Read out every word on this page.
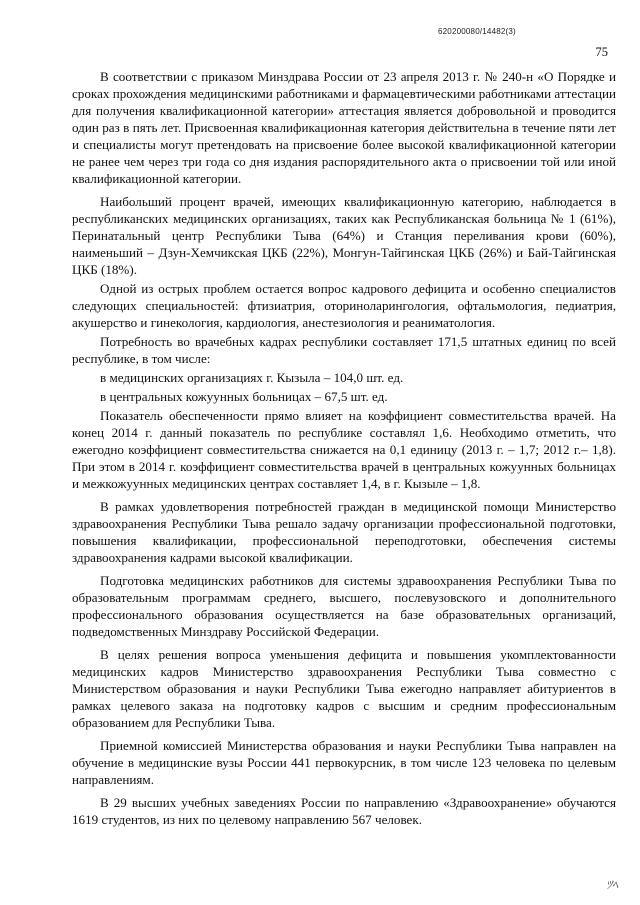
620200080/14482(3)
75

В соответствии с приказом Минздрава России от 23 апреля 2013 г. № 240-н «О Порядке и сроках прохождения медицинскими работниками и фармацевтическими работниками аттестации для получения квалификационной категории» аттестация является добровольной и проводится один раз в пять лет. Присвоенная квалификационная категория действительна в течение пяти лет и специалисты могут претендовать на присвоение более высокой квалификационной категории не ранее чем через три года со дня издания распорядительного акта о присвоении той или иной квалификационной категории.

Наибольший процент врачей, имеющих квалификационную категорию, наблюдается в республиканских медицинских организациях, таких как Республиканская больница № 1 (61%), Перинатальный центр Республики Тыва (64%) и Станция переливания крови (60%), наименьший – Дзун-Хемчикская ЦКБ (22%), Монгун-Тайгинская ЦКБ (26%) и Бай-Тайгинская ЦКБ (18%).

Одной из острых проблем остается вопрос кадрового дефицита и особенно специалистов следующих специальностей: фтизиатрия, оториноларингология, офтальмология, педиатрия, акушерство и гинекология, кардиология, анестезиология и реаниматология.

Потребность во врачебных кадрах республики составляет 171,5 штатных единиц по всей республике, в том числе:

в медицинских организациях г. Кызыла – 104,0 шт. ед.

в центральных кожуунных больницах – 67,5 шт. ед.

Показатель обеспеченности прямо влияет на коэффициент совместительства врачей. На конец 2014 г. данный показатель по республике составлял 1,6. Необходимо отметить, что ежегодно коэффициент совместительства снижается на 0,1 единицу (2013 г. – 1,7; 2012 г.– 1,8). При этом в 2014 г. коэффициент совместительства врачей в центральных кожуунных больницах и межкожуунных медицинских центрах составляет 1,4, в г. Кызыле – 1,8.

В рамках удовлетворения потребностей граждан в медицинской помощи Министерство здравоохранения Республики Тыва решало задачу организации профессиональной подготовки, повышения квалификации, профессиональной переподготовки, обеспечения системы здравоохранения кадрами высокой квалификации.

Подготовка медицинских работников для системы здравоохранения Республики Тыва по образовательным программам среднего, высшего, послевузовского и дополнительного профессионального образования осуществляется на базе образовательных организаций, подведомственных Минздраву Российской Федерации.

В целях решения вопроса уменьшения дефицита и повышения укомплектованности медицинских кадров Министерство здравоохранения Республики Тыва совместно с Министерством образования и науки Республики Тыва ежегодно направляет абитуриентов в рамках целевого заказа на подготовку кадров с высшим и средним профессиональным образованием для Республики Тыва.

Приемной комиссией Министерства образования и науки Республики Тыва направлен на обучение в медицинские вузы России 441 первокурсник, в том числе 123 человека по целевым направлениям.

В 29 высших учебных заведениях России по направлению «Здравоохранение» обучаются 1619 студентов, из них по целевому направлению 567 человек.

ﾂﾍ
